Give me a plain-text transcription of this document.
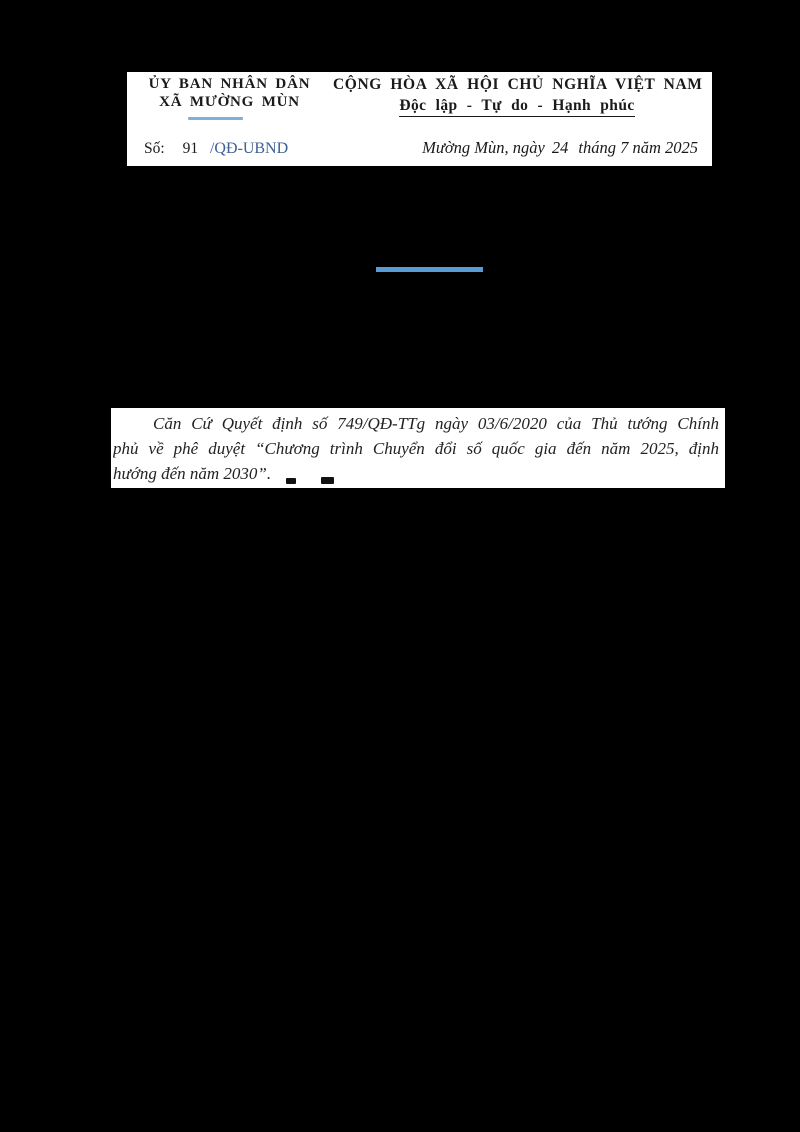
ỦY BAN NHÂN DÂN
XÃ MƯỜNG MÙN
Số: 91 /QĐ-UBND
CỘNG HÒA XÃ HỘI CHỦ NGHĨA VIỆT NAM
Độc lập - Tự do - Hạnh phúc
Mường Mùn, ngày 24 tháng 7 năm 2025
Căn Cứ Quyết định số 749/QĐ-TTg ngày 03/6/2020 của Thủ tướng Chính
phủ về phê duyệt “Chương trình Chuyển đổi số quốc gia đến năm 2025, định
hướng đến năm 2030”.
